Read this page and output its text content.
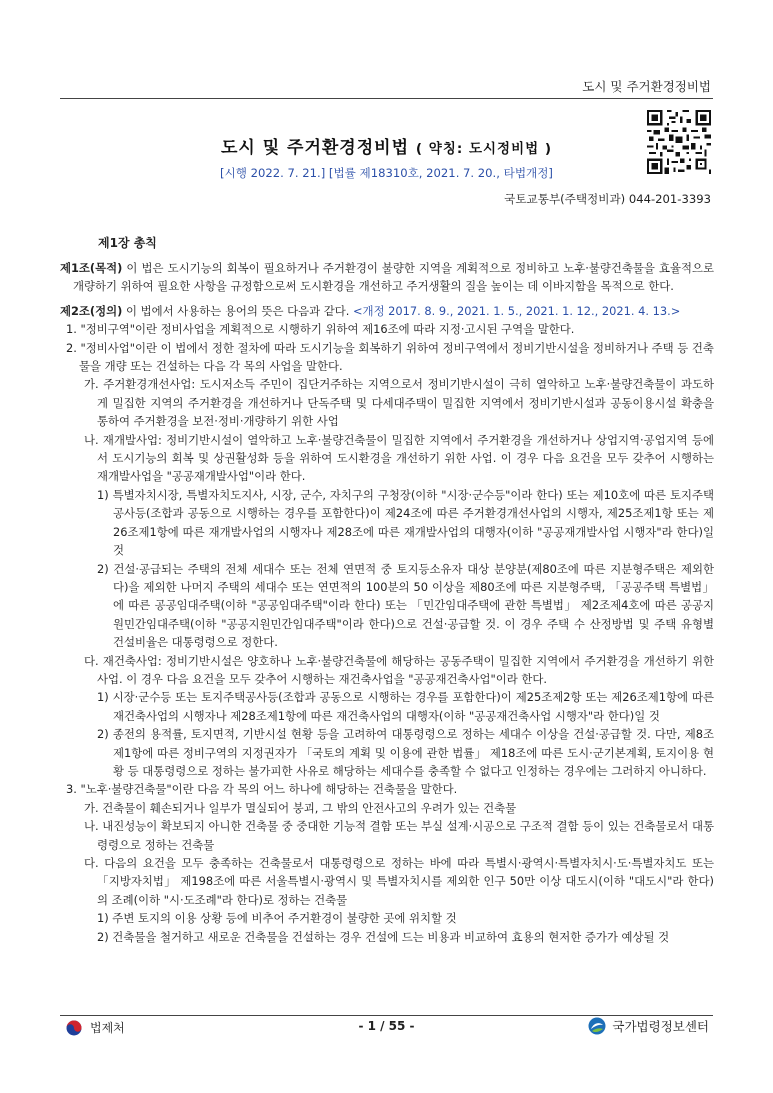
도시 및 주거환경정비법
도시 및 주거환경정비법 ( 약칭: 도시정비법 )
[시행 2022. 7. 21.] [법률 제18310호, 2021. 7. 20., 타법개정]
국토교통부(주택정비과) 044-201-3393
제1장 총칙

제1조(목적) 이 법은 도시기능의 회복이 필요하거나 주거환경이 불량한 지역을 계획적으로 정비하고 노후·불량건축물을 효율적으로 개량하기 위하여 필요한 사항을 규정함으로써 도시환경을 개선하고 주거생활의 질을 높이는 데 이바지함을 목적으로 한다.

제2조(정의) 이 법에서 사용하는 용어의 뜻은 다음과 같다. <개정 2017. 8. 9., 2021. 1. 5., 2021. 1. 12., 2021. 4. 13.>

1. "정비구역"이란 정비사업을 계획적으로 시행하기 위하여 제16조에 따라 지정·고시된 구역을 말한다.

2. "정비사업"이란 이 법에서 정한 절차에 따라 도시기능을 회복하기 위하여 정비구역에서 정비기반시설을 정비하거나 주택 등 건축물을 개량 또는 건설하는 다음 각 목의 사업을 말한다.

가. 주거환경개선사업: 도시저소득 주민이 집단거주하는 지역으로서 정비기반시설이 극히 열악하고 노후·불량건축물이 과도하게 밀집한 지역의 주거환경을 개선하거나 단독주택 및 다세대주택이 밀집한 지역에서 정비기반시설과 공동이용시설 확충을 통하여 주거환경을 보전·정비·개량하기 위한 사업

나. 재개발사업: 정비기반시설이 열악하고 노후·불량건축물이 밀집한 지역에서 주거환경을 개선하거나 상업지역·공업지역 등에서 도시기능의 회복 및 상권활성화 등을 위하여 도시환경을 개선하기 위한 사업. 이 경우 다음 요건을 모두 갖추어 시행하는 재개발사업을 "공공재개발사업"이라 한다.

1) 특별자치시장, 특별자치도지사, 시장, 군수, 자치구의 구청장(이하 "시장·군수등"이라 한다) 또는 제10호에 따른 토지주택공사등(조합과 공동으로 시행하는 경우를 포함한다)이 제24조에 따른 주거환경개선사업의 시행자, 제25조제1항 또는 제26조제1항에 따른 재개발사업의 시행자나 제28조에 따른 재개발사업의 대행자(이하 "공공재개발사업 시행자"라 한다)일 것

2) 건설·공급되는 주택의 전체 세대수 또는 전체 연면적 중 토지등소유자 대상 분양분(제80조에 따른 지분형주택은 제외한다)을 제외한 나머지 주택의 세대수 또는 연면적의 100분의 50 이상을 제80조에 따른 지분형주택, 「공공주택 특별법」에 따른 공공임대주택(이하 "공공임대주택"이라 한다) 또는 「민간임대주택에 관한 특별법」 제2조제4호에 따른 공공지원민간임대주택(이하 "공공지원민간임대주택"이라 한다)으로 건설·공급할 것. 이 경우 주택 수 산정방법 및 주택 유형별 건설비율은 대통령령으로 정한다.

다. 재건축사업: 정비기반시설은 양호하나 노후·불량건축물에 해당하는 공동주택이 밀집한 지역에서 주거환경을 개선하기 위한 사업. 이 경우 다음 요건을 모두 갖추어 시행하는 재건축사업을 "공공재건축사업"이라 한다.

1) 시장·군수등 또는 토지주택공사등(조합과 공동으로 시행하는 경우를 포함한다)이 제25조제2항 또는 제26조제1항에 따른 재건축사업의 시행자나 제28조제1항에 따른 재건축사업의 대행자(이하 "공공재건축사업 시행자"라 한다)일 것

2) 종전의 용적률, 토지면적, 기반시설 현황 등을 고려하여 대통령령으로 정하는 세대수 이상을 건설·공급할 것. 다만, 제8조제1항에 따른 정비구역의 지정권자가 「국토의 계획 및 이용에 관한 법률」 제18조에 따른 도시·군기본계획, 토지이용 현황 등 대통령령으로 정하는 불가피한 사유로 해당하는 세대수를 충족할 수 없다고 인정하는 경우에는 그러하지 아니하다.

3. "노후·불량건축물"이란 다음 각 목의 어느 하나에 해당하는 건축물을 말한다.

가. 건축물이 훼손되거나 일부가 멸실되어 붕괴, 그 밖의 안전사고의 우려가 있는 건축물

나. 내진성능이 확보되지 아니한 건축물 중 중대한 기능적 결함 또는 부실 설계·시공으로 구조적 결함 등이 있는 건축물로서 대통령령으로 정하는 건축물

다. 다음의 요건을 모두 충족하는 건축물로서 대통령령으로 정하는 바에 따라 특별시·광역시·특별자치시·도·특별자치도 또는 「지방자치법」 제198조에 따른 서울특별시·광역시 및 특별자치시를 제외한 인구 50만 이상 대도시(이하 "대도시"라 한다)의 조례(이하 "시·도조례"라 한다)로 정하는 건축물

1) 주변 토지의 이용 상황 등에 비추어 주거환경이 불량한 곳에 위치할 것

2) 건축물을 철거하고 새로운 건축물을 건설하는 경우 건설에 드는 비용과 비교하여 효용의 현저한 증가가 예상될 것

법제처	- 1 / 55 -	국가법령정보센터
